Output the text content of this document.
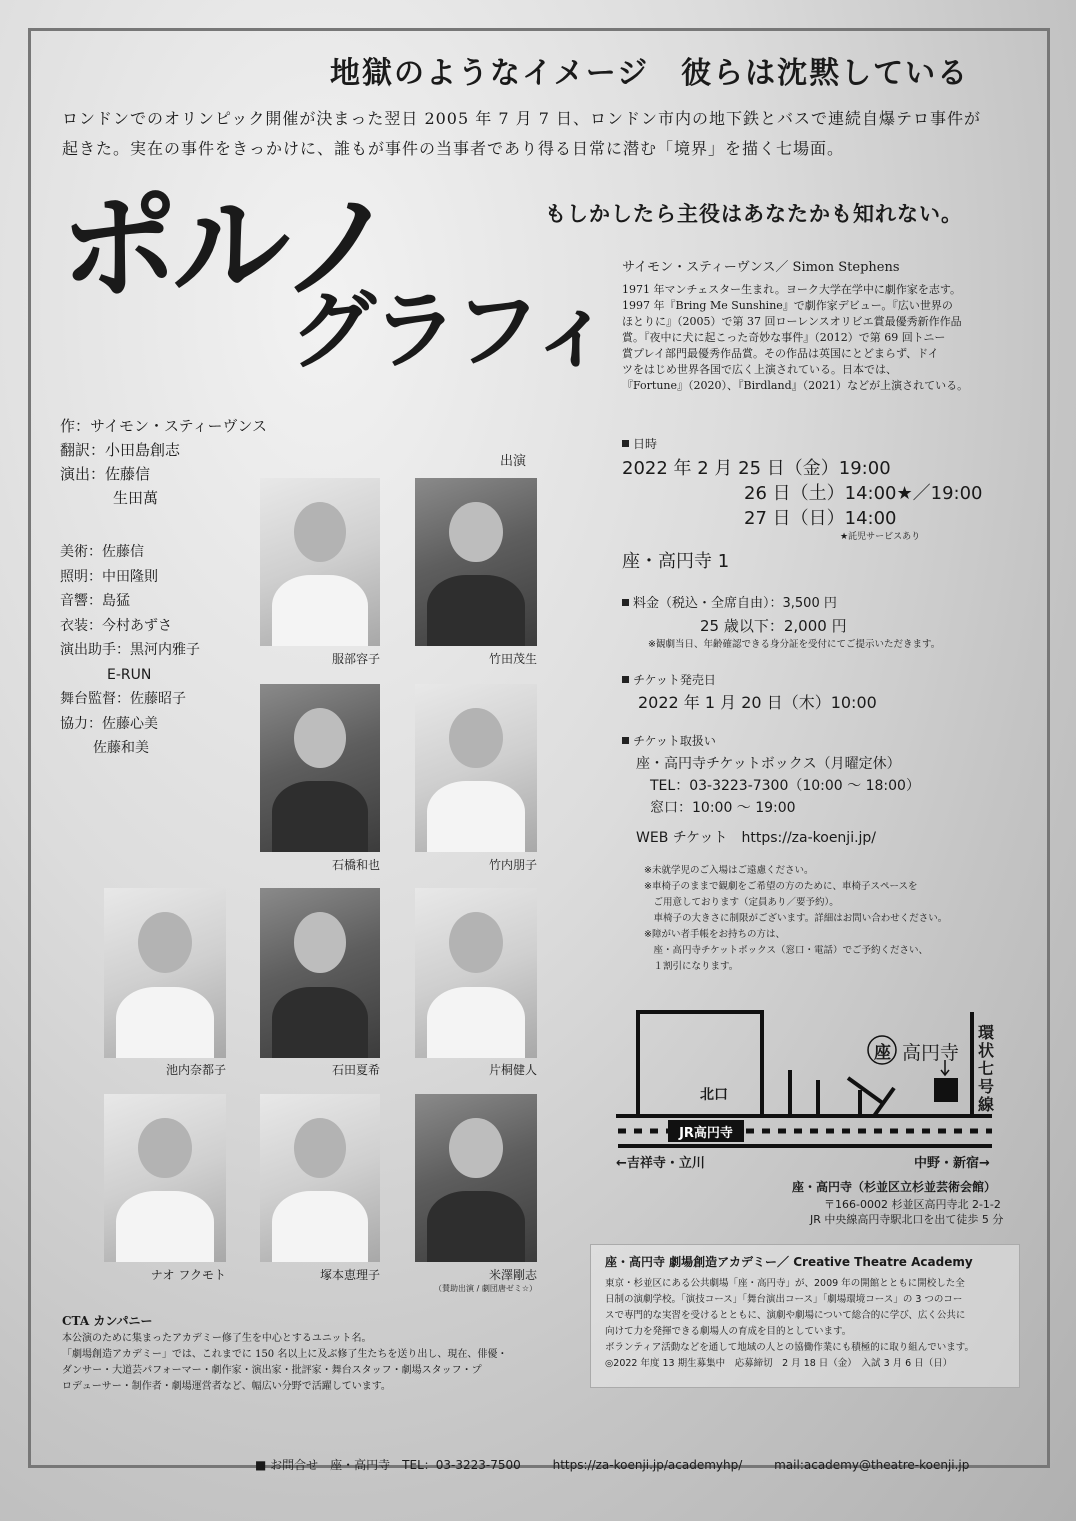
地獄のようなイメージ　彼らは沈黙している
ロンドンでのオリンピック開催が決まった翌日 2005 年 7 月 7 日、ロンドン市内の地下鉄とバスで連続自爆テロ事件が
起きた。実在の事件をきっかけに、誰もが事件の当事者であり得る日常に潜む「境界」を描く七場面。
もしかしたら主役はあなたかも知れない。
ポルノ
グラフィ
サイモン・スティーヴンス／ Simon Stephens
1971 年マンチェスター生まれ。ヨーク大学在学中に劇作家を志す。
1997 年『Bring Me Sunshine』で劇作家デビュー。『広い世界の
ほとりに』（2005）で第 37 回ローレンスオリビエ賞最優秀新作作品
賞。『夜中に犬に起こった奇妙な事件』（2012）で第 69 回トニー
賞プレイ部門最優秀作品賞。その作品は英国にとどまらず、ドイ
ツをはじめ世界各国で広く上演されている。日本では、
『Fortune』（2020）、『Birdland』（2021）などが上演されている。
作：サイモン・スティーヴンス
翻訳：小田島創志
演出：佐藤信
生田萬
美術：佐藤信
照明：中田隆則
音響：島猛
衣装：今村あずさ
演出助手：黒河内雅子
E-RUN
舞台監督：佐藤昭子
協力：佐藤心美
佐藤和美
出演
服部容子	竹田茂生
石橋和也	竹内朋子
池内奈都子	石田夏希	片桐健人
ナオ フクモト	塚本恵理子	米澤剛志
（賛助出演 / 劇団唐ゼミ☆）
日時
2022 年 2 月 25 日（金）19:00
26 日（土）14:00★／19:00
27 日（日）14:00
★託児サービスあり
座・高円寺 1
料金（税込・全席自由）：3,500 円
25 歳以下：2,000 円
※観劇当日、年齢確認できる身分証を受付にてご提示いただきます。
チケット発売日
2022 年 1 月 20 日（木）10:00
チケット取扱い
座・高円寺チケットボックス（月曜定休）
TEL：03-3223-7300（10:00 ～ 18:00）
窓口：10:00 ～ 19:00
WEB チケット　https://za-koenji.jp/
※未就学児のご入場はご遠慮ください。
※車椅子のままで観劇をご希望の方のために、車椅子スペースを
　ご用意しております（定員あり／要予約）。
　車椅子の大きさに制限がございます。詳細はお問い合わせください。
※障がい者手帳をお持ちの方は、
　座・高円寺チケットボックス（窓口・電話）でご予約ください、
　１割引になります。
座 高円寺
環状七号線
北口
JR高円寺
←吉祥寺・立川	中野・新宿→
座・高円寺（杉並区立杉並芸術会館）
〒166-0002 杉並区高円寺北 2-1-2
JR 中央線高円寺駅北口を出て徒歩 5 分
座・高円寺 劇場創造アカデミー／ Creative Theatre Academy
東京・杉並区にある公共劇場「座・高円寺」が、2009 年の開館とともに開校した全
日制の演劇学校。「演技コース」「舞台演出コース」「劇場環境コース」の 3 つのコー
スで専門的な実習を受けるとともに、演劇や劇場について総合的に学び、広く公共に
向けて力を発揮できる劇場人の育成を目的としています。
ボランティア活動などを通して地域の人との協働作業にも積極的に取り組んでいます。
◎2022 年度 13 期生募集中　応募締切　2 月 18 日（金）　入試 3 月 6 日（日）
CTA カンパニー
本公演のために集まったアカデミー修了生を中心とするユニット名。
「劇場創造アカデミー」では、これまでに 150 名以上に及ぶ修了生たちを送り出し、現在、俳優・
ダンサー・大道芸パフォーマー・劇作家・演出家・批評家・舞台スタッフ・劇場スタッフ・プ
ロデューサー・制作者・劇場運営者など、幅広い分野で活躍しています。
■ お問合せ　座・高円寺　TEL：03-3223-7500	https://za-koenji.jp/academyhp/	mail:academy@theatre-koenji.jp
